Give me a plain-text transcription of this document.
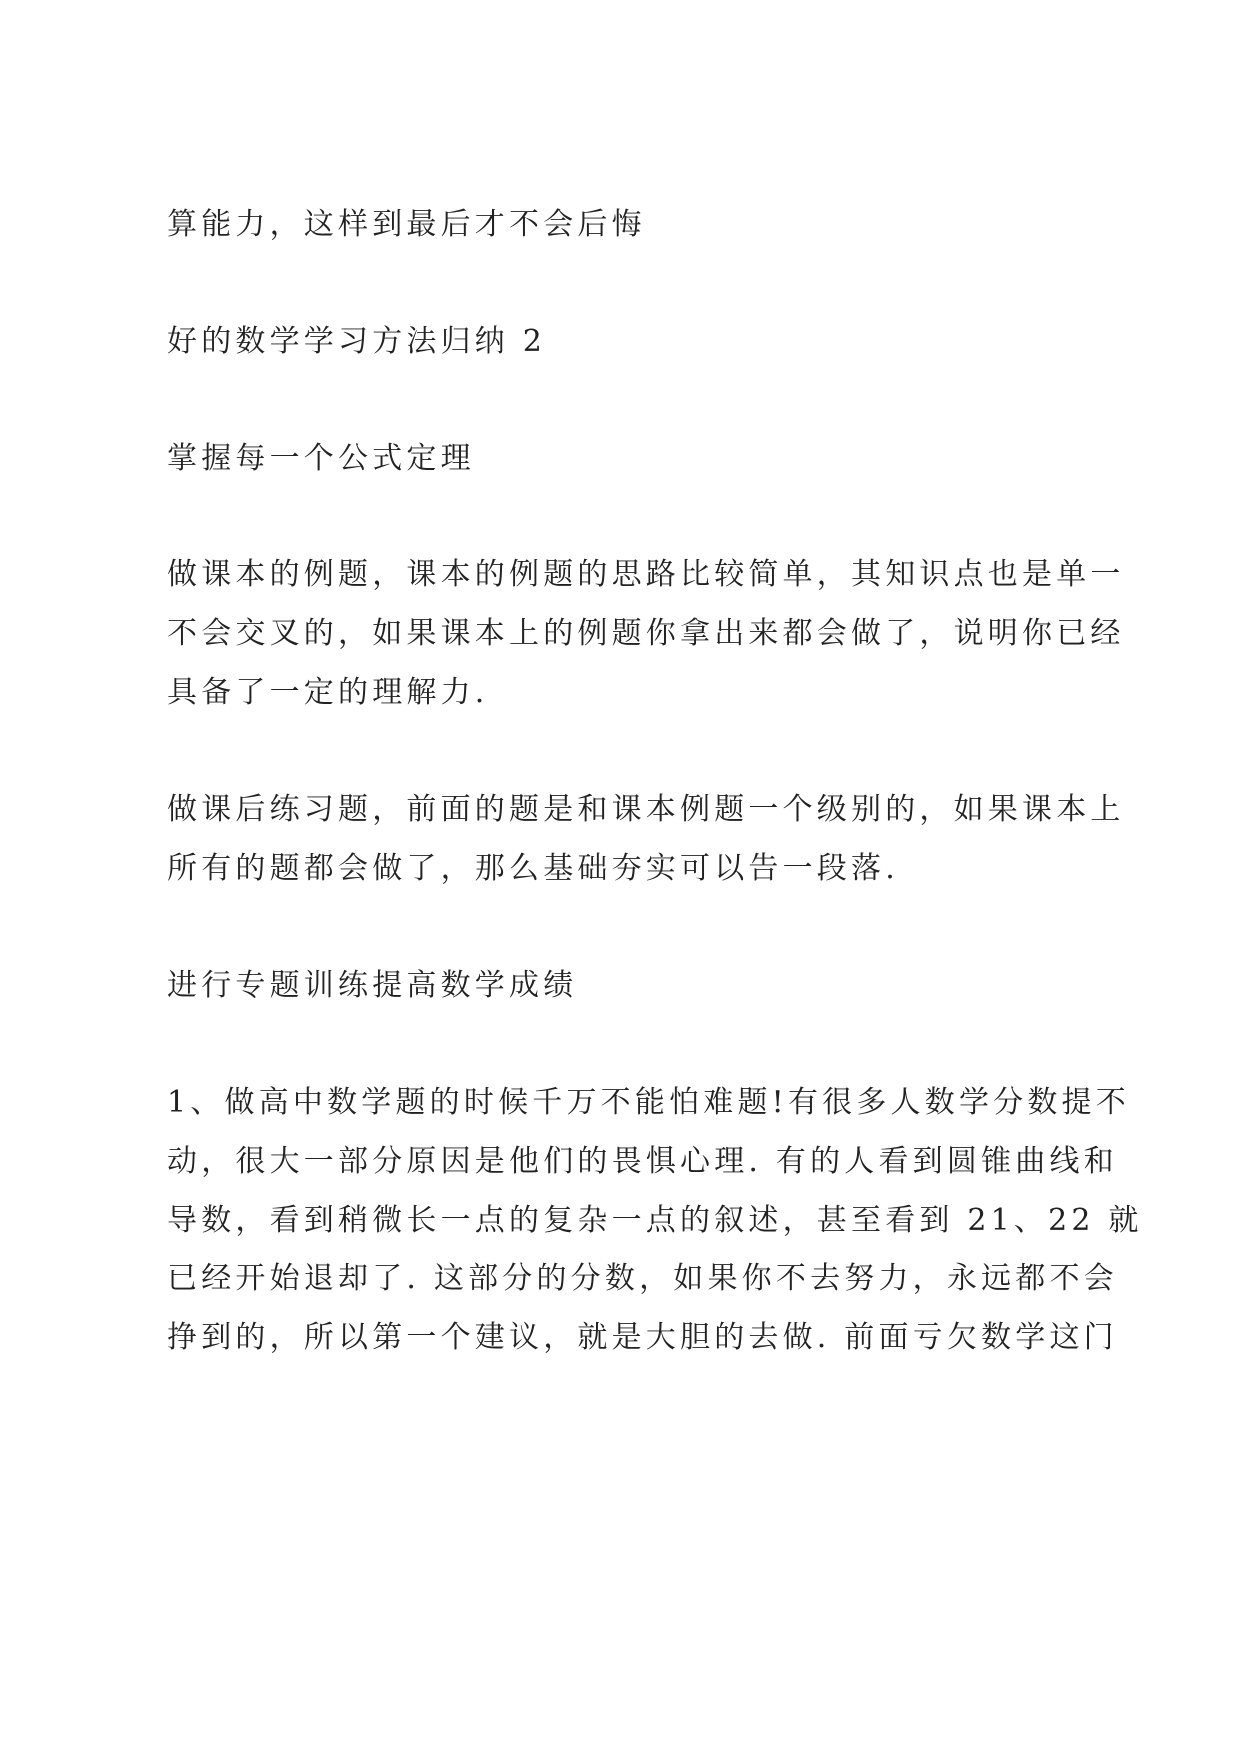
算能力，这样到最后才不会后悔

好的数学学习方法归纳 2

掌握每一个公式定理

做课本的例题，课本的例题的思路比较简单，其知识点也是单一

不会交叉的，如果课本上的例题你拿出来都会做了，说明你已经

具备了一定的理解力.

做课后练习题，前面的题是和课本例题一个级别的，如果课本上

所有的题都会做了，那么基础夯实可以告一段落.

进行专题训练提高数学成绩

1、做高中数学题的时候千万不能怕难题!有很多人数学分数提不

动，很大一部分原因是他们的畏惧心理. 有的人看到圆锥曲线和

导数，看到稍微长一点的复杂一点的叙述，甚至看到 21、22 就

已经开始退却了. 这部分的分数，如果你不去努力，永远都不会

挣到的，所以第一个建议，就是大胆的去做. 前面亏欠数学这门
